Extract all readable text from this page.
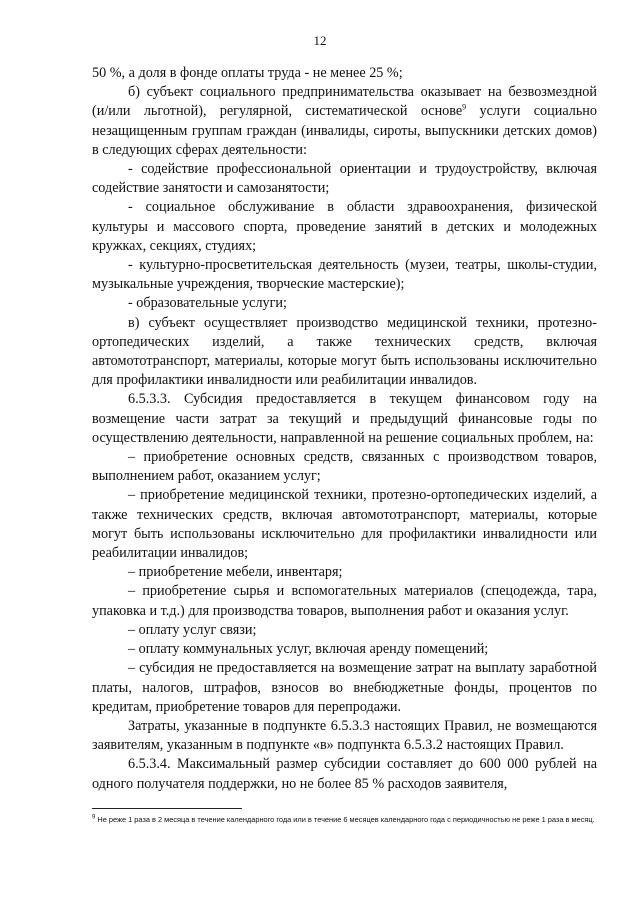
12

50 %, а доля в фонде оплаты труда - не менее 25 %;

б) субъект социального предпринимательства оказывает на безвозмездной (и/или льготной), регулярной, систематической основе$^9$ услуги социально незащищенным группам граждан (инвалиды, сироты, выпускники детских домов) в следующих сферах деятельности:

- содействие профессиональной ориентации и трудоустройству, включая содействие занятости и самозанятости;

- социальное обслуживание в области здравоохранения, физической культуры и массового спорта, проведение занятий в детских и молодежных кружках, секциях, студиях;

- культурно-просветительская деятельность (музеи, театры, школы-студии, музыкальные учреждения, творческие мастерские);

- образовательные услуги;

в) субъект осуществляет производство медицинской техники, протезно-ортопедических изделий, а также технических средств, включая автомототранспорт, материалы, которые могут быть использованы исключительно для профилактики инвалидности или реабилитации инвалидов.

6.5.3.3. Субсидия предоставляется в текущем финансовом году на возмещение части затрат за текущий и предыдущий финансовые годы по осуществлению деятельности, направленной на решение социальных проблем, на:

– приобретение основных средств, связанных с производством товаров, выполнением работ, оказанием услуг;

– приобретение медицинской техники, протезно-ортопедических изделий, а также технических средств, включая автомототранспорт, материалы, которые могут быть использованы исключительно для профилактики инвалидности или реабилитации инвалидов;

– приобретение мебели, инвентаря;

– приобретение сырья и вспомогательных материалов (спецодежда, тара, упаковка и т.д.) для производства товаров, выполнения работ и оказания услуг.

– оплату услуг связи;

– оплату коммунальных услуг, включая аренду помещений;

– субсидия не предоставляется на возмещение затрат на выплату заработной платы, налогов, штрафов, взносов во внебюджетные фонды, процентов по кредитам, приобретение товаров для перепродажи.

Затраты, указанные в подпункте 6.5.3.3 настоящих Правил, не возмещаются заявителям, указанным в подпункте «в» подпункта 6.5.3.2 настоящих Правил.

6.5.3.4. Максимальный размер субсидии составляет до 600 000 рублей на одного получателя поддержки, но не более 85 % расходов заявителя,

$^9$ Не реже 1 раза в 2 месяца в течение календарного года или в течение 6 месяцев календарного года с периодичностью не реже 1 раза в месяц.
